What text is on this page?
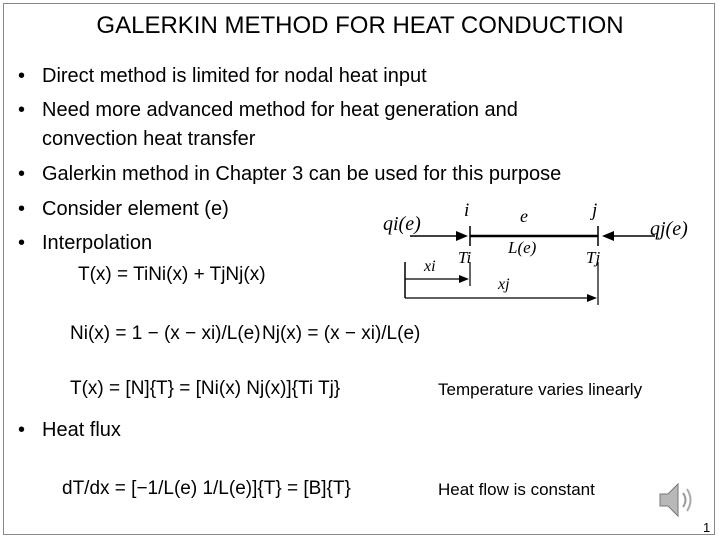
GALERKIN METHOD FOR HEAT CONDUCTION
• Direct method is limited for nodal heat input
• Need more advanced method for heat generation and
convection heat transfer
• Galerkin method in Chapter 3 can be used for this purpose
• Consider element (e)
• Interpolation
• Heat flux
i	e	j
L(e)
qi(e)	qj(e)
xi Ti	Tj
xj
T(x) = TiNi(x) + TjNj(x)
Ni(x) = 1 − (x − xi)/L(e) Nj(x) = (x − xi)/L(e)
T(x) = [N]{T} = [Ni(x) Nj(x)]{Ti Tj}
dT/dx = [−1/L(e) 1/L(e)]{T} = [B]{T}
Temperature varies linearly
Heat flow is constant
1
